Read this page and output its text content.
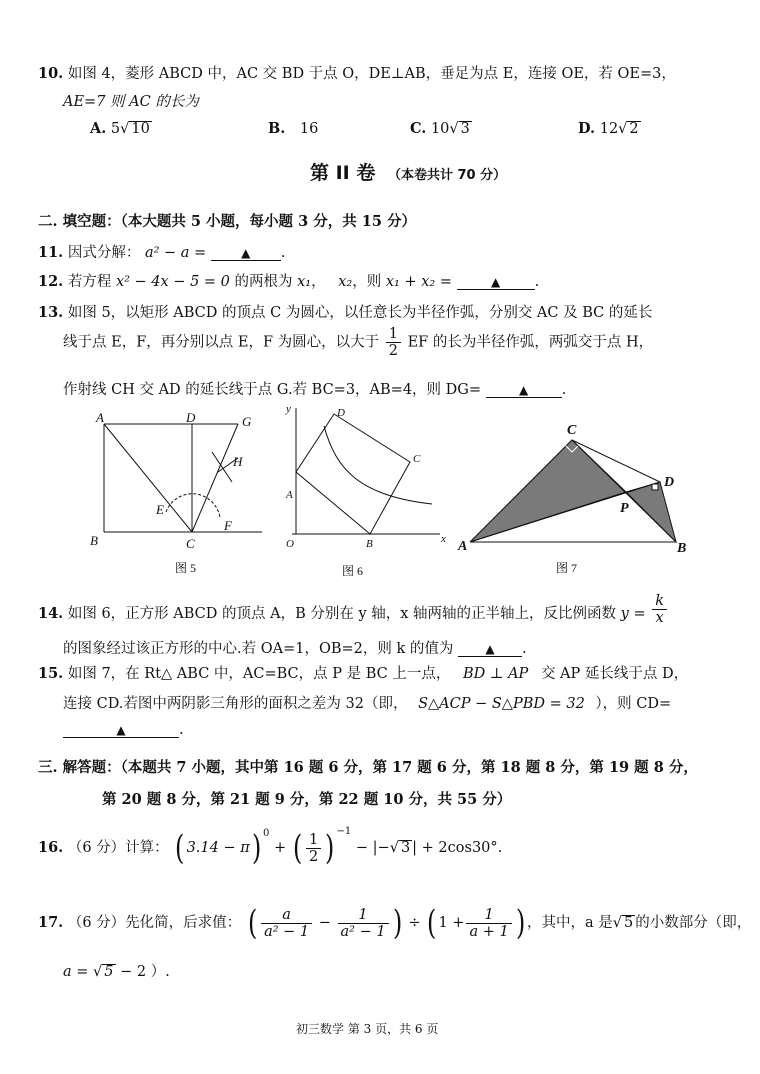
10. 如图 4，菱形 ABCD 中，AC 交 BD 于点 O，DE⊥AB，垂足为点 E，连接 OE，若 OE=3，
AE=7 则 AC 的长为
A. 5√ 10	B. 16	C. 10√ 3	D. 12√ 2
第 II 卷 （本卷共计 70 分）
二. 填空题：（本大题共 5 小题，每小题 3 分，共 15 分）
11. 因式分解： a² − a =	▲ .
12. 若方程 x² − 4x − 5 = 0 的两根为 x₁， x₂，则 x₁ + x₂ =	▲ .
13. 如图 5，以矩形 ABCD 的顶点 C 为圆心，以任意长为半径作弧，分别交 AC 及 BC 的延长
线于点 E，F，再分别以点 E，F 为圆心，以大于 $\frac{1}{2}$ EF 的长为半径作弧，两弧交于点 H，
作射线 CH 交 AD 的延长线于点 G.若 BC=3，AB=4，则 DG=	▲ .
A	D	G
H
E
F
B	C
图 5
y	D
C
A
O	B	x
图 6
C
D
P
A	B
图 7
14. 如图 6，正方形 ABCD 的顶点 A，B 分别在 y 轴，x 轴两轴的正半轴上，反比例函数 $y = \frac{k}{x}$
的图象经过该正方形的中心.若 OA=1，OB=2，则 k 的值为	▲ .
15. 如图 7，在 Rt△ ABC 中，AC=BC，点 P 是 BC 上一点， BD ⊥ AP 交 AP 延长线于点 D，
连接 CD.若图中两阴影三角形的面积之差为 32（即， S△ACP − S△PBD = 32 ），则 CD=
▲	.
三. 解答题：（本题共 7 小题，其中第 16 题 6 分，第 17 题 6 分，第 18 题 8 分，第 19 题 8 分，
第 20 题 8 分，第 21 题 9 分，第 22 题 10 分，共 55 分）
16. （6 分）计算： ( 3.14 − π) $^0$ + ( $\frac{1}{2}$ ) $^{-1}$ − |−√ 3 | + 2cos30°.
17. （6 分）先化简，后求值： ( $\frac{a}{\text{a² − 1}} - \frac{1}{\text{a² − 1}}$ ) ÷ ( $1 + \frac{1}{a + 1}$ ) ，其中，a 是√ 5 的小数部分（即，
a = √ 5 − 2 ）.
初三数学 第 3 页，共 6 页
